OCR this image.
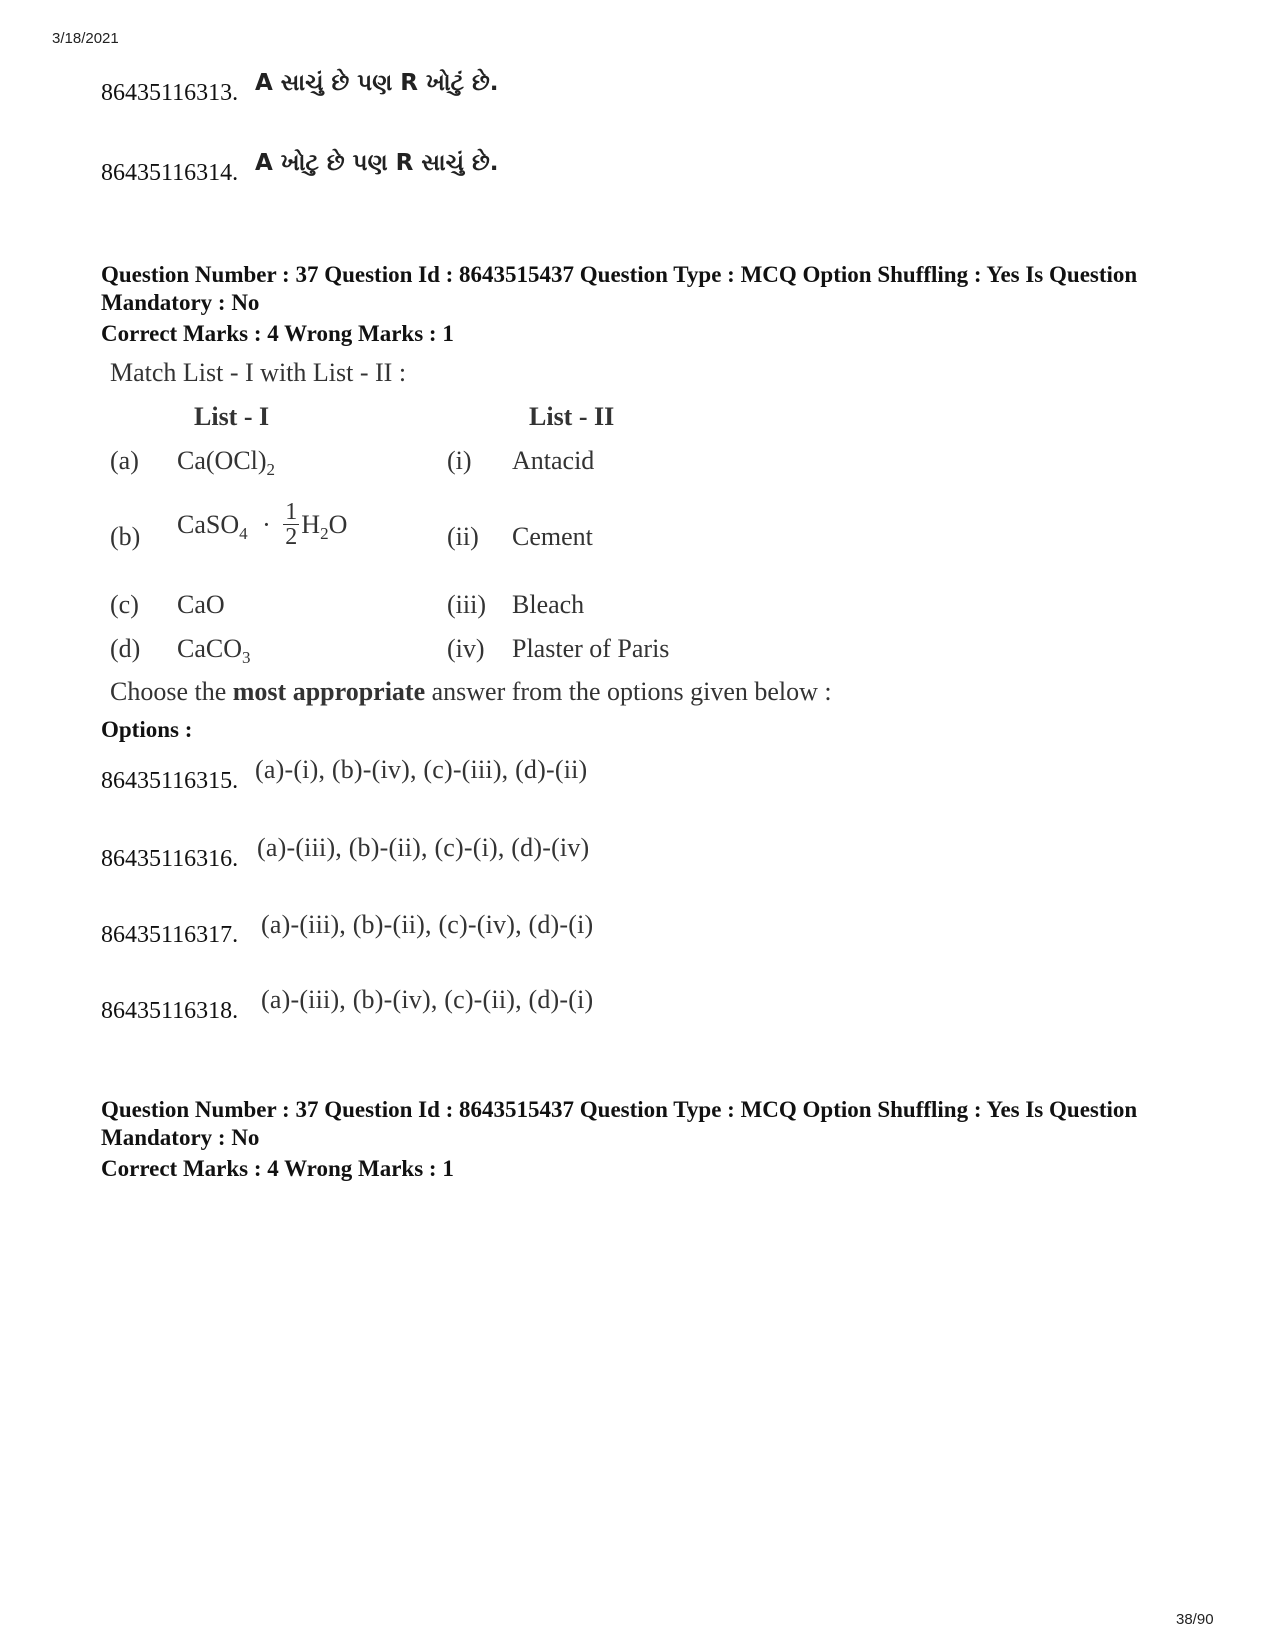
3/18/2021
86435116313. A સાચું છે પણ R ખોટું છે.
86435116314. A ખોટુ છે પણ R સાચું છે.
Question Number : 37 Question Id : 8643515437 Question Type : MCQ Option Shuffling : Yes Is Question Mandatory : No
Correct Marks : 4 Wrong Marks : 1
Match List - I with List - II :
List - I	List - II
(a) $Ca(OCl)_2$	(i) Antacid
(b) CaSO$_4$ · $\frac{1}{2} H_2O$	(ii) Cement
(c) CaO	(iii) Bleach
(d) CaCO$_3$	(iv) Plaster of Paris
Choose the most appropriate answer from the options given below :
Options :
86435116315. (a)-(i), (b)-(iv), (c)-(iii), (d)-(ii)
86435116316. (a)-(iii), (b)-(ii), (c)-(i), (d)-(iv)
86435116317. (a)-(iii), (b)-(ii), (c)-(iv), (d)-(i)
86435116318. (a)-(iii), (b)-(iv), (c)-(ii), (d)-(i)
Question Number : 37 Question Id : 8643515437 Question Type : MCQ Option Shuffling : Yes Is Question Mandatory : No
Correct Marks : 4 Wrong Marks : 1
38/90
